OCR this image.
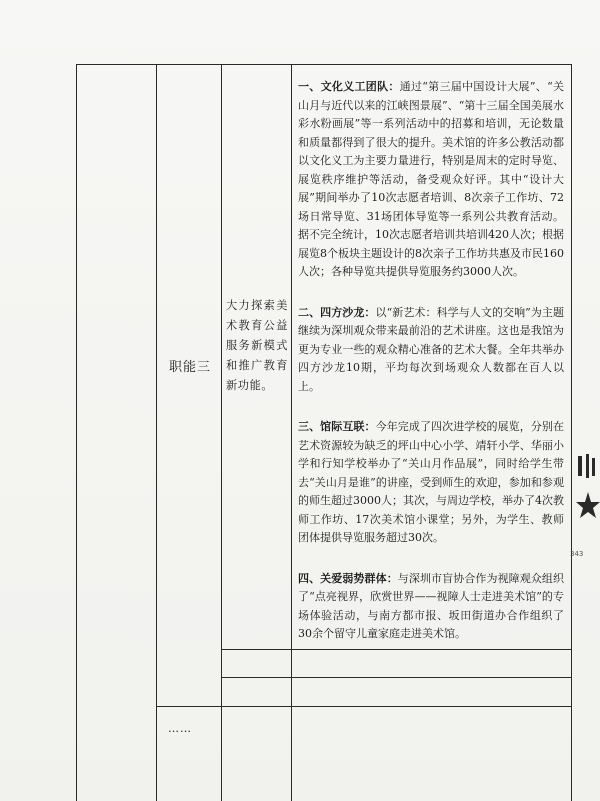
职能三
大力探索美术教育公益服务新模式和推广教育新功能。

一、文化义工团队：通过“第三届中国设计大展”、“关山月与近代以来的江峡图景展”、“第十三届全国美展水彩水粉画展”等一系列活动中的招募和培训，无论数量和质量都得到了很大的提升。美术馆的许多公教活动都以文化义工为主要力量进行，特别是周末的定时导览、展览秩序维护等活动，备受观众好评。其中“设计大展”期间举办了10次志愿者培训、8次亲子工作坊、72场日常导览、31场团体导览等一系列公共教育活动。据不完全统计，10次志愿者培训共培训420人次；根据展览8个板块主题设计的8次亲子工作坊共惠及市民160人次；各种导览共提供导览服务约3000人次。

二、四方沙龙：以“新艺术：科学与人文的交响”为主题继续为深圳观众带来最前沿的艺术讲座。这也是我馆为更为专业一些的观众精心准备的艺术大餐。全年共举办四方沙龙10期，平均每次到场观众人数都在百人以上。

三、馆际互联：今年完成了四次进学校的展览，分别在艺术资源较为缺乏的坪山中心小学、靖轩小学、华丽小学和行知学校举办了“关山月作品展”，同时给学生带去“关山月是谁”的讲座，受到师生的欢迎，参加和参观的师生超过3000人；其次，与周边学校，举办了4次教师工作坊、17次美术馆小课堂；另外，为学生、教师团体提供导览服务超过30次。

四、关爱弱势群体：与深圳市盲协合作为视障观众组织了“点亮视界，欣赏世界——视障人士走进美术馆”的专场体验活动，与南方都市报、坂田街道办合作组织了30余个留守儿童家庭走进美术馆。

……
343
